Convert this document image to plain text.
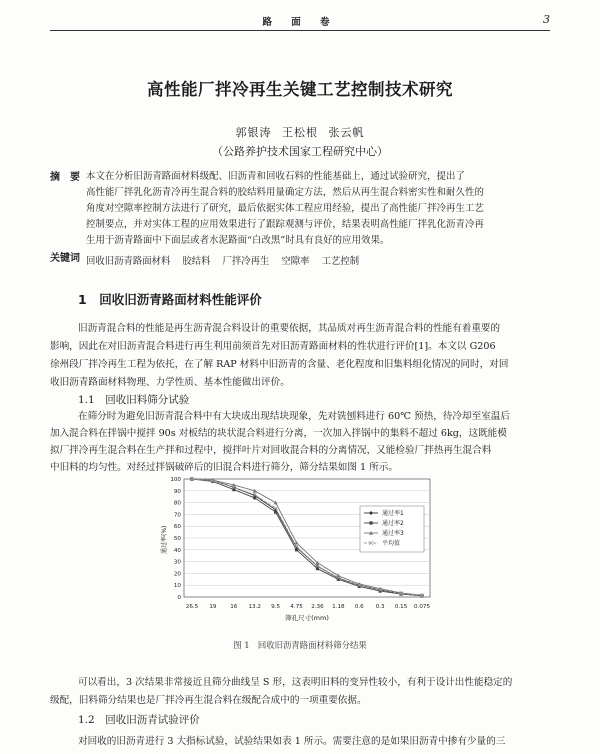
路 面 卷	3
高性能厂拌冷再生关键工艺控制技术研究
郭银涛 王松根 张云帆
（公路养护技术国家工程研究中心）
摘　要 本文在分析旧沥青路面材料级配、旧沥青和回收石料的性能基础上，通过试验研究，提出了
高性能厂拌乳化沥青冷再生混合料的胶结料用量确定方法，然后从再生混合料密实性和耐久性的
角度对空隙率控制方法进行了研究，最后依据实体工程应用经验，提出了高性能厂拌冷再生工艺
控制要点，并对实体工程的应用效果进行了跟踪观测与评价，结果表明高性能厂拌乳化沥青冷再
生用于沥青路面中下面层或者水泥路面“白改黑”时具有良好的应用效果。
关键词 回收旧沥青路面材料 胶结料 厂拌冷再生 空隙率 工艺控制
1　回收旧沥青路面材料性能评价
旧沥青混合料的性能是再生沥青混合料设计的重要依据，其品质对再生沥青混合料的性能有着重要的
影响，因此在对旧沥青混合料进行再生利用前须首先对旧沥青路面材料的性状进行评价[1]。本文以 G206
徐州段厂拌冷再生工程为依托，在了解 RAP 材料中旧沥青的含量、老化程度和旧集料组化情况的同时，对回
收旧沥青路面材料物理、力学性质、基本性能做出评价。
1.1　回收旧料筛分试验
在筛分时为避免旧沥青混合料中有大块成出现结块现象，先对铣刨料进行 60℃ 预热，待冷却至室温后
加入混合料在拌锅中搅拌 90s 对板结的块状混合料进行分离，一次加入拌锅中的集料不超过 6kg，这既能模
拟厂拌冷再生混合料在生产拌和过程中，搅拌叶片对回收混合料的分离情况，又能检验厂拌热再生混合料
中旧料的均匀性。对经过拌锅破碎后的旧混合料进行筛分，筛分结果如图 1 所示。
0
10
20
30
40
50
60
70
80
90
100
26.5 19 16 13.2 9.5 4.75 2.36 1.18 0.6 0.3 0.15 0.075
通过率1
通过率2
通过率3
平均值
通过率(%)
筛孔尺寸(mm)
图 1　回收旧沥青路面材料筛分结果
可以看出，3 次结果非常接近且筛分曲线呈 S 形，这表明旧料的变异性较小，有利于设计出性能稳定的
级配，旧料筛分结果也是厂拌冷再生混合料在级配合成中的一项重要依据。
1.2　回收旧沥青试验评价
对回收的旧沥青进行 3 大指标试验，试验结果如表 1 所示。需要注意的是如果旧沥青中掺有少量的三
